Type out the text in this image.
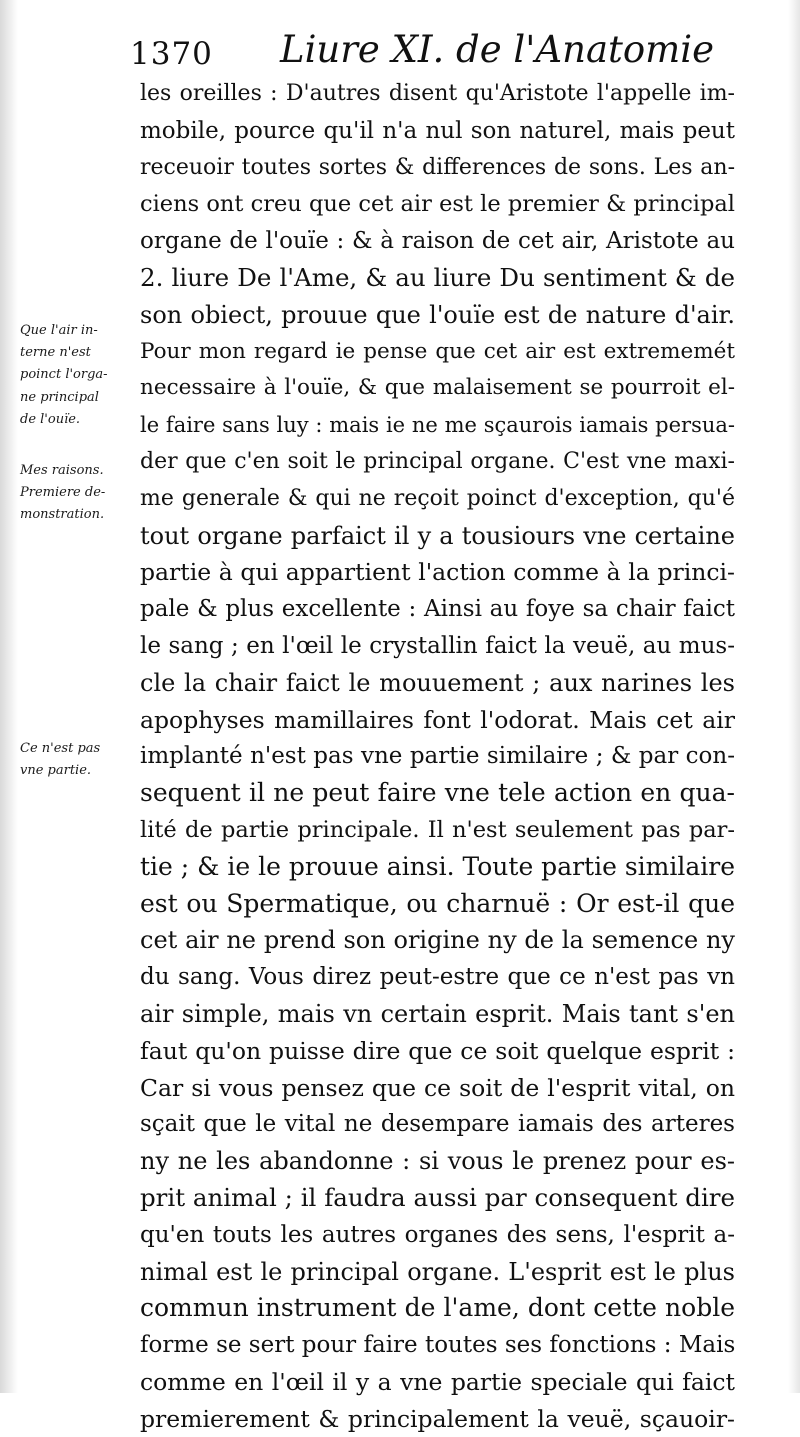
1370 Liure XI. de l'Anatomie
Que l'air in-
terne n'est
poinct l'orga-
ne principal
de l'ouïe.
Mes raisons.
Premiere de-
monstration.
Ce n'est pas
vne partie.
les oreilles : D'autres disent qu'Aristote l'appelle im-
mobile, pource qu'il n'a nul son naturel, mais peut
receuoir toutes sortes & differences de sons. Les an-
ciens ont creu que cet air est le premier & principal
organe de l'ouïe : & à raison de cet air, Aristote au
2. liure De l'Ame, & au liure Du sentiment & de
son obiect, prouue que l'ouïe est de nature d'air.
Pour mon regard ie pense que cet air est extrememét
necessaire à l'ouïe, & que malaisement se pourroit el-
le faire sans luy : mais ie ne me sçaurois iamais persua-
der que c'en soit le principal organe. C'est vne maxi-
me generale & qui ne reçoit poinct d'exception, qu'é
tout organe parfaict il y a tousiours vne certaine
partie à qui appartient l'action comme à la princi-
pale & plus excellente : Ainsi au foye sa chair faict
le sang ; en l'œil le crystallin faict la veuë, au mus-
cle la chair faict le mouuement ; aux narines les
apophyses mamillaires font l'odorat. Mais cet air
implanté n'est pas vne partie similaire ; & par con-
sequent il ne peut faire vne tele action en qua-
lité de partie principale. Il n'est seulement pas par-
tie ; & ie le prouue ainsi. Toute partie similaire
est ou Spermatique, ou charnuë : Or est-il que
cet air ne prend son origine ny de la semence ny
du sang. Vous direz peut-estre que ce n'est pas vn
air simple, mais vn certain esprit. Mais tant s'en
faut qu'on puisse dire que ce soit quelque esprit :
Car si vous pensez que ce soit de l'esprit vital, on
sçait que le vital ne desempare iamais des arteres
ny ne les abandonne : si vous le prenez pour es-
prit animal ; il faudra aussi par consequent dire
qu'en touts les autres organes des sens, l'esprit a-
nimal est le principal organe. L'esprit est le plus
commun instrument de l'ame, dont cette noble
forme se sert pour faire toutes ses fonctions : Mais
comme en l'œil il y a vne partie speciale qui faict
premierement & principalement la veuë, sçauoir-
